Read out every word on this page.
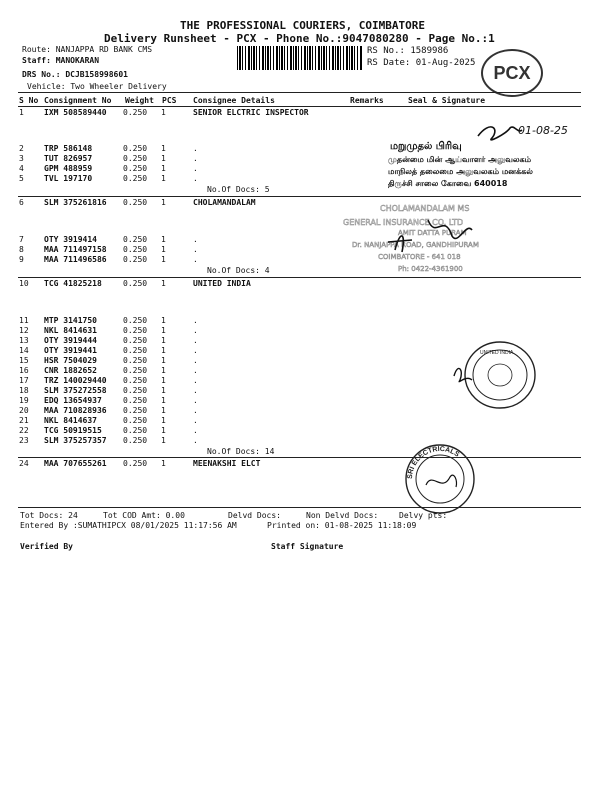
THE PROFESSIONAL COURIERS, COIMBATORE
Delivery Runsheet - PCX - Phone No.:9047080280 - Page No.:1
Route: NANJAPPA RD BANK CMS
Staff: MANOKARAN
DRS No.: DCJB158998601
Vehicle: Two Wheeler Delivery
RS No.: 1589986
RS Date: 01-Aug-2025	PCX
S No Consignment No Weight PCS Consignee Details	Remarks	Seal & Signature
1	IXM 508589440 0.250 1	SENIOR ELCTRIC INSPECTOR
2	TRP 586148	0.250 1	.
3	TUT 826957	0.250 1	.
4	GPM 488959	0.250 1	.
5	TVL 197170	0.250 1	.
6	SLM 375261816 0.250 1	CHOLAMANDALAM
7	OTY 3919414	0.250 1	.
8	MAA 711497158 0.250 1	.
9	MAA 711496586 0.250 1	.
10 TCG 41825218	0.250 1	UNITED INDIA
11 MTP 3141750	0.250 1	.
12 NKL 8414631	0.250 1	.
13 OTY 3919444	0.250 1	.
14 OTY 3919441	0.250 1	.
15 HSR 7504029	0.250 1	.
16 CNR 1882652	0.250 1	.
17 TRZ 140029440 0.250 1	.
18 SLM 375272558 0.250 1	.
19 EDQ 13654937	0.250 1	.
20 MAA 710828936 0.250 1	.
21 NKL 8414637	0.250 1	.
22 TCG 50919515	0.250 1	.
23 SLM 375257357 0.250 1	.
24 MAA 707655261 0.250 1	MEENAKSHI ELCT
No.Of Docs: 5
No.Of Docs: 4
No.Of Docs: 14
மறுமுதல் பிரிவு
முதன்மை மின் ஆய்வாளர் அலுவலகம்
மாநிலத் தலைமை அலுவலகம் மனக்கல்
திருச்சி சாலை கோவை 640018
01-08-25
CHOLAMANDALAM MS
GENERAL INSURANCE CO. LTD
AMIT DATTA PURAM
Dr. NANJAPPA ROAD, GANDHIPURAM
COIMBATORE - 641 018
Ph: 0422-4361900
UNITED INDIA
SRI ELECTRICALS
Tot Docs: 24	Tot COD Amt: 0.00	Delvd Docs:	Non Delvd Docs:	Delvy pts:
Entered By :SUMATHIPCX 08/01/2025 11:17:56 AM	Printed on: 01-08-2025 11:18:09
Verified By	Staff Signature
